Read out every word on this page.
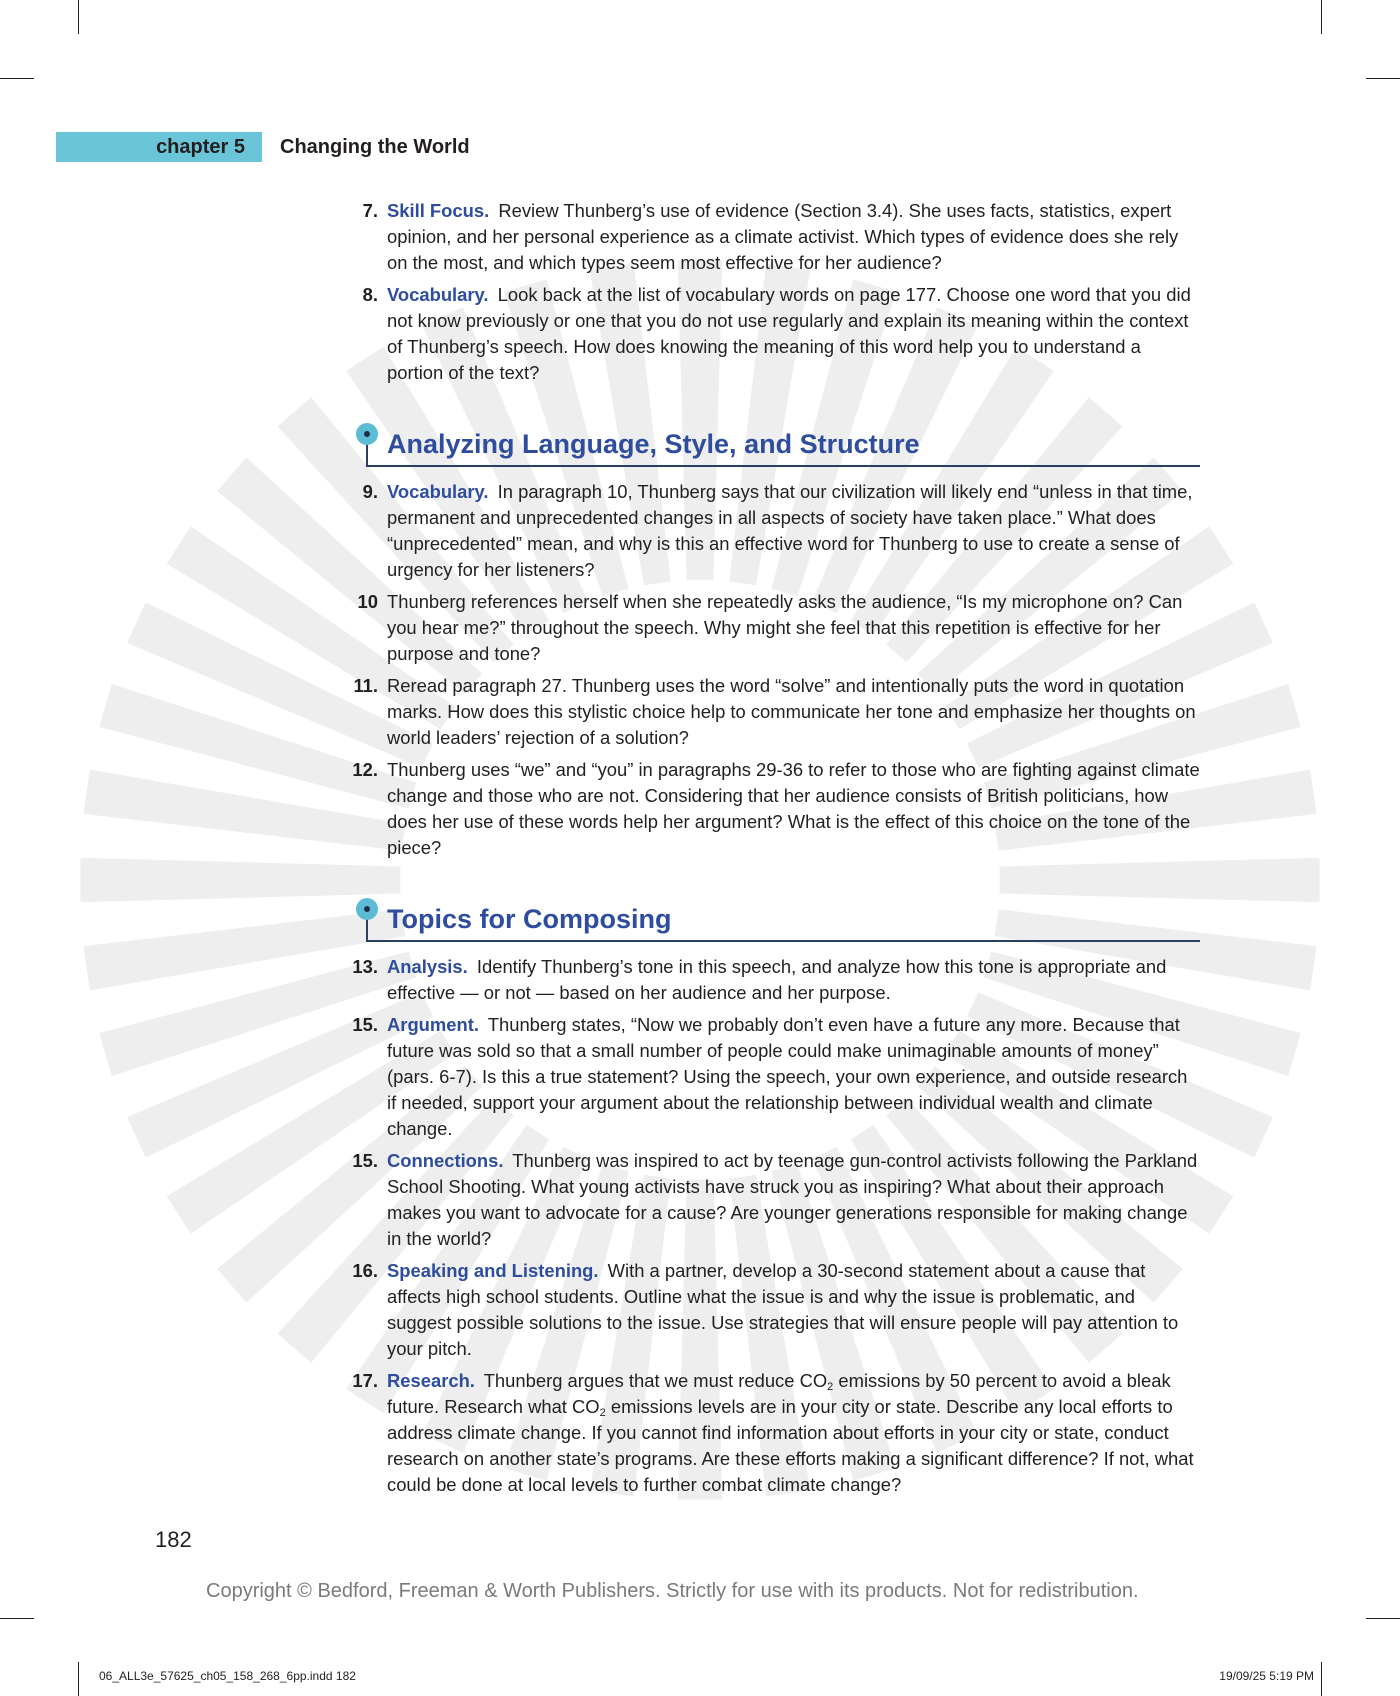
chapter 5	Changing the World
7. Skill Focus. Review Thunberg’s use of evidence (Section 3.4). She uses facts, statistics, expert opinion, and her personal experience as a climate activist. Which types of evidence does she rely on the most, and which types seem most effective for her audience?
8. Vocabulary. Look back at the list of vocabulary words on page 177. Choose one word that you did not know previously or one that you do not use regularly and explain its meaning within the context of Thunberg’s speech. How does knowing the meaning of this word help you to understand a portion of the text?
Analyzing Language, Style, and Structure
9. Vocabulary. In paragraph 10, Thunberg says that our civilization will likely end “unless in that time, permanent and unprecedented changes in all aspects of society have taken place.” What does “unprecedented” mean, and why is this an effective word for Thunberg to use to create a sense of urgency for her listeners?
10 Thunberg references herself when she repeatedly asks the audience, “Is my microphone on? Can you hear me?” throughout the speech. Why might she feel that this repetition is effective for her purpose and tone?
11. Reread paragraph 27. Thunberg uses the word “solve” and intentionally puts the word in quotation marks. How does this stylistic choice help to communicate her tone and emphasize her thoughts on world leaders’ rejection of a solution?
12. Thunberg uses “we” and “you” in paragraphs 29-36 to refer to those who are fighting against climate change and those who are not. Considering that her audience consists of British politicians, how does her use of these words help her argument? What is the effect of this choice on the tone of the piece?
Topics for Composing
13. Analysis. Identify Thunberg’s tone in this speech, and analyze how this tone is appropriate and effective — or not — based on her audience and her purpose.
15. Argument. Thunberg states, “Now we probably don’t even have a future any more. Because that future was sold so that a small number of people could make unimaginable amounts of money” (pars. 6-7). Is this a true statement? Using the speech, your own experience, and outside research if needed, support your argument about the relationship between individual wealth and climate change.
15. Connections. Thunberg was inspired to act by teenage gun-control activists following the Parkland School Shooting. What young activists have struck you as inspiring? What about their approach makes you want to advocate for a cause? Are younger generations responsible for making change in the world?
16. Speaking and Listening. With a partner, develop a 30-second statement about a cause that affects high school students. Outline what the issue is and why the issue is problematic, and suggest possible solutions to the issue. Use strategies that will ensure people will pay attention to your pitch.
17. Research. Thunberg argues that we must reduce $CO_2$ emissions by 50 percent to avoid a bleak future. Research what $CO_2$ emissions levels are in your city or state. Describe any local efforts to address climate change. If you cannot find information about efforts in your city or state, conduct research on another state’s programs. Are these efforts making a significant difference? If not, what could be done at local levels to further combat climate change?
182
Copyright © Bedford, Freeman & Worth Publishers. Strictly for use with its products. Not for redistribution.
06_ALL3e_57625_ch05_158_268_6pp.indd 182	19/09/25 5:19 PM
